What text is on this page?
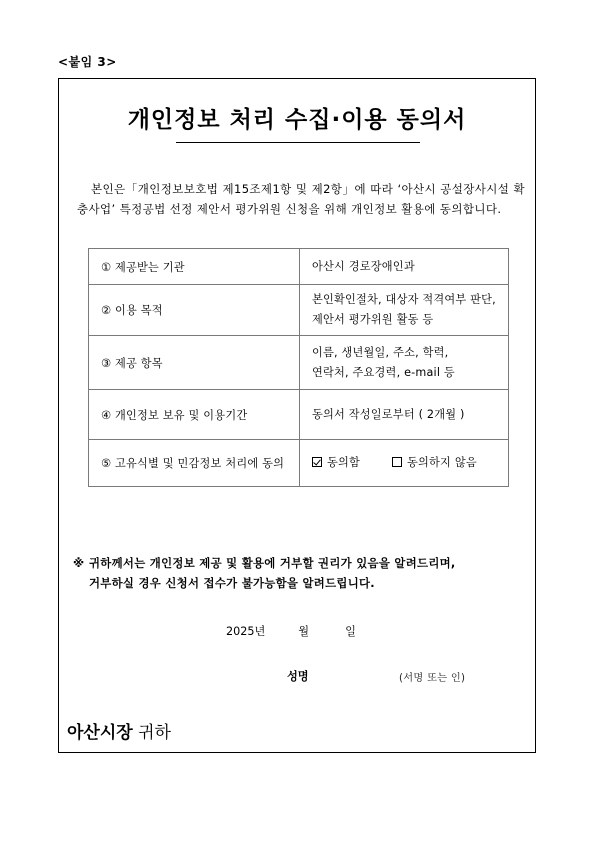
<붙임 3>
개인정보 처리 수집·이용 동의서
본인은「개인정보보호법 제15조제1항 및 제2항」에 따라 ‘아산시 공설장사시설 확충사업’ 특정공법 선정 제안서 평가위원 신청을 위해 개인정보 활용에 동의합니다.
① 제공받는 기관	아산시 경로장애인과
② 이용 목적	본인확인절차, 대상자 적격여부 판단,
제안서 평가위원 활동 등

③ 제공 항목	이름, 생년월일, 주소, 학력,
연락처, 주요경력, e-mail 등

④ 개인정보 보유 및 이용기간	동의서 작성일로부터 ( 2개월 )
⑤ 고유식별 및 민감정보 처리에 동의	동의함 동의하지 않음
※ 귀하께서는 개인정보 제공 및 활용에 거부할 권리가 있음을 알려드리며,
거부하실 경우 신청서 접수가 불가능함을 알려드립니다.
2025년	월	일
성명	(서명 또는 인)
아산시장 귀하
